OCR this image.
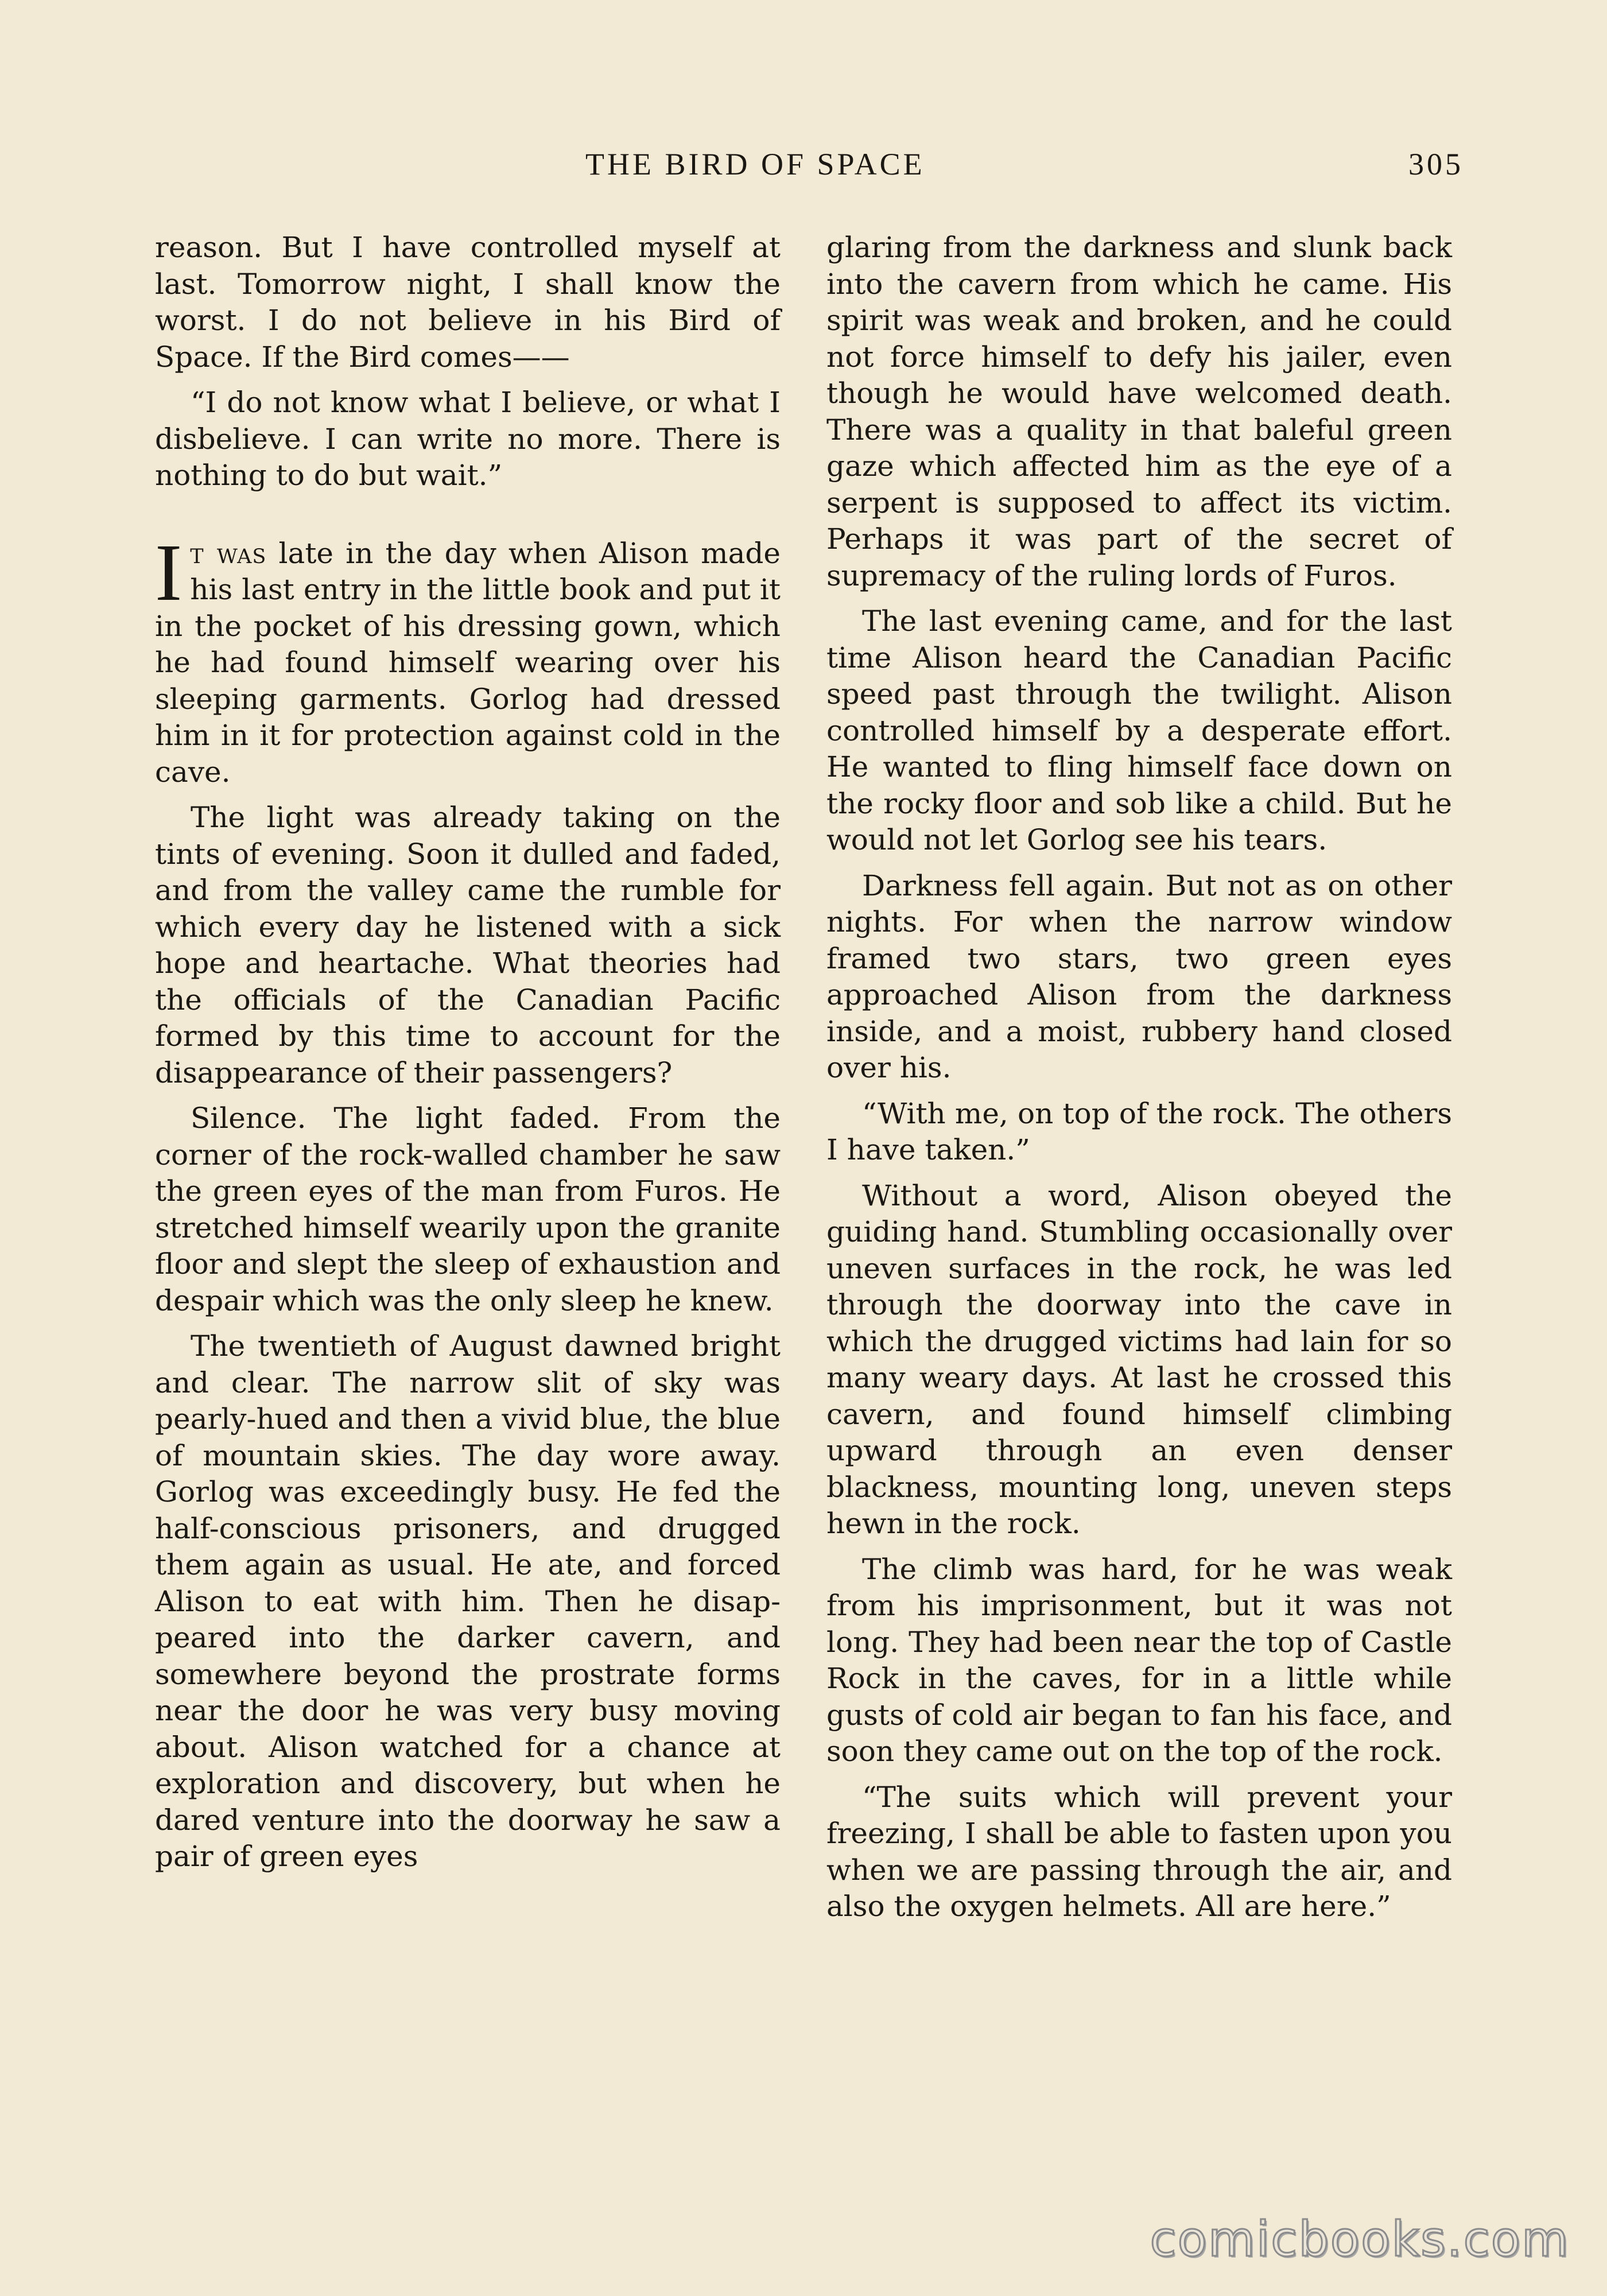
THE BIRD OF SPACE	305

reason. But I have controlled myself at last. Tomorrow night, I shall know the worst. I do not believe in his Bird of Space. If the Bird comes——

“I do not know what I believe, or what I disbelieve. I can write no more. There is nothing to do but wait.”

It was late in the day when Alison made his last entry in the little book and put it in the pocket of his dressing gown, which he had found himself wearing over his sleeping garments. Gorlog had dressed him in it for protection against cold in the cave.

The light was already taking on the tints of evening. Soon it dulled and faded, and from the valley came the rumble for which every day he listened with a sick hope and heartache. What theories had the officials of the Canadian Pacific formed by this time to account for the disappearance of their passengers?

Silence. The light faded. From the corner of the rock-walled chamber he saw the green eyes of the man from Furos. He stretched himself wearily upon the granite floor and slept the sleep of exhaustion and despair which was the only sleep he knew.

The twentieth of August dawned bright and clear. The narrow slit of sky was pearly-hued and then a vivid blue, the blue of mountain skies. The day wore away. Gorlog was exceedingly busy. He fed the half-conscious prisoners, and drugged them again as usual. He ate, and forced Alison to eat with him. Then he disappeared into the darker cavern, and somewhere beyond the prostrate forms near the door he was very busy moving about. Alison watched for a chance at exploration and discovery, but when he dared venture into the doorway he saw a pair of green eyes

glaring from the darkness and slunk back into the cavern from which he came. His spirit was weak and broken, and he could not force himself to defy his jailer, even though he would have welcomed death. There was a quality in that baleful green gaze which affected him as the eye of a serpent is supposed to affect its victim. Perhaps it was part of the secret of supremacy of the ruling lords of Furos.

The last evening came, and for the last time Alison heard the Canadian Pacific speed past through the twilight. Alison controlled himself by a desperate effort. He wanted to fling himself face down on the rocky floor and sob like a child. But he would not let Gorlog see his tears.

Darkness fell again. But not as on other nights. For when the narrow window framed two stars, two green eyes approached Alison from the darkness inside, and a moist, rubbery hand closed over his.

“With me, on top of the rock. The others I have taken.”

Without a word, Alison obeyed the guiding hand. Stumbling occasionally over uneven surfaces in the rock, he was led through the doorway into the cave in which the drugged victims had lain for so many weary days. At last he crossed this cavern, and found himself climbing upward through an even denser blackness, mounting long, uneven steps hewn in the rock.

The climb was hard, for he was weak from his imprisonment, but it was not long. They had been near the top of Castle Rock in the caves, for in a little while gusts of cold air began to fan his face, and soon they came out on the top of the rock.

“The suits which will prevent your freezing, I shall be able to fasten upon you when we are passing through the air, and also the oxygen helmets. All are here.”

comicbooks.com
